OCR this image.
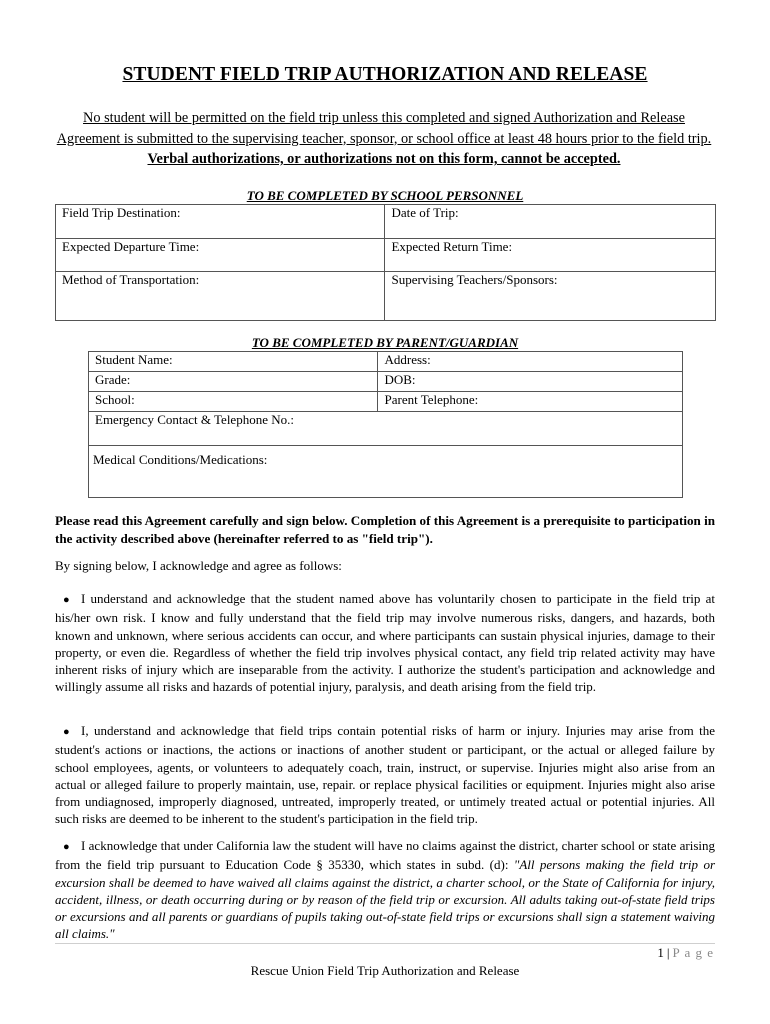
STUDENT FIELD TRIP AUTHORIZATION AND RELEASE
No student will be permitted on the field trip unless this completed and signed Authorization and Release Agreement is submitted to the supervising teacher, sponsor, or school office at least 48 hours prior to the field trip. Verbal authorizations, or authorizations not on this form, cannot be accepted.
TO BE COMPLETED BY SCHOOL PERSONNEL
Field Trip Destination:	Date of Trip:
Expected Departure Time:	Expected Return Time:
Method of Transportation:	Supervising Teachers/Sponsors:
TO BE COMPLETED BY PARENT/GUARDIAN
Student Name:	Address:
Grade:	DOB:
School:	Parent Telephone:
Emergency Contact & Telephone No.:	
Medical Conditions/Medications:	
Please read this Agreement carefully and sign below. Completion of this Agreement is a prerequisite to participation in the activity described above (hereinafter referred to as "field trip").
By signing below, I acknowledge and agree as follows:
● I understand and acknowledge that the student named above has voluntarily chosen to participate in the field trip at his/her own risk. I know and fully understand that the field trip may involve numerous risks, dangers, and hazards, both known and unknown, where serious accidents can occur, and where participants can sustain physical injuries, damage to their property, or even die. Regardless of whether the field trip involves physical contact, any field trip related activity may have inherent risks of injury which are inseparable from the activity. I authorize the student's participation and acknowledge and willingly assume all risks and hazards of potential injury, paralysis, and death arising from the field trip.
● I, understand and acknowledge that field trips contain potential risks of harm or injury. Injuries may arise from the student's actions or inactions, the actions or inactions of another student or participant, or the actual or alleged failure by school employees, agents, or volunteers to adequately coach, train, instruct, or supervise. Injuries might also arise from an actual or alleged failure to properly maintain, use, repair. or replace physical facilities or equipment. Injuries might also arise from undiagnosed, improperly diagnosed, untreated, improperly treated, or untimely treated actual or potential injuries. All such risks are deemed to be inherent to the student's participation in the field trip.
● I acknowledge that under California law the student will have no claims against the district, charter school or state arising from the field trip pursuant to Education Code § 35330, which states in subd. (d): "All persons making the field trip or excursion shall be deemed to have waived all claims against the district, a charter school, or the State of California for injury, accident, illness, or death occurring during or by reason of the field trip or excursion. All adults taking out-of-state field trips or excursions and all parents or guardians of pupils taking out-of-state field trips or excursions shall sign a statement waiving all claims."
1 | P a g e
Rescue Union Field Trip Authorization and Release
